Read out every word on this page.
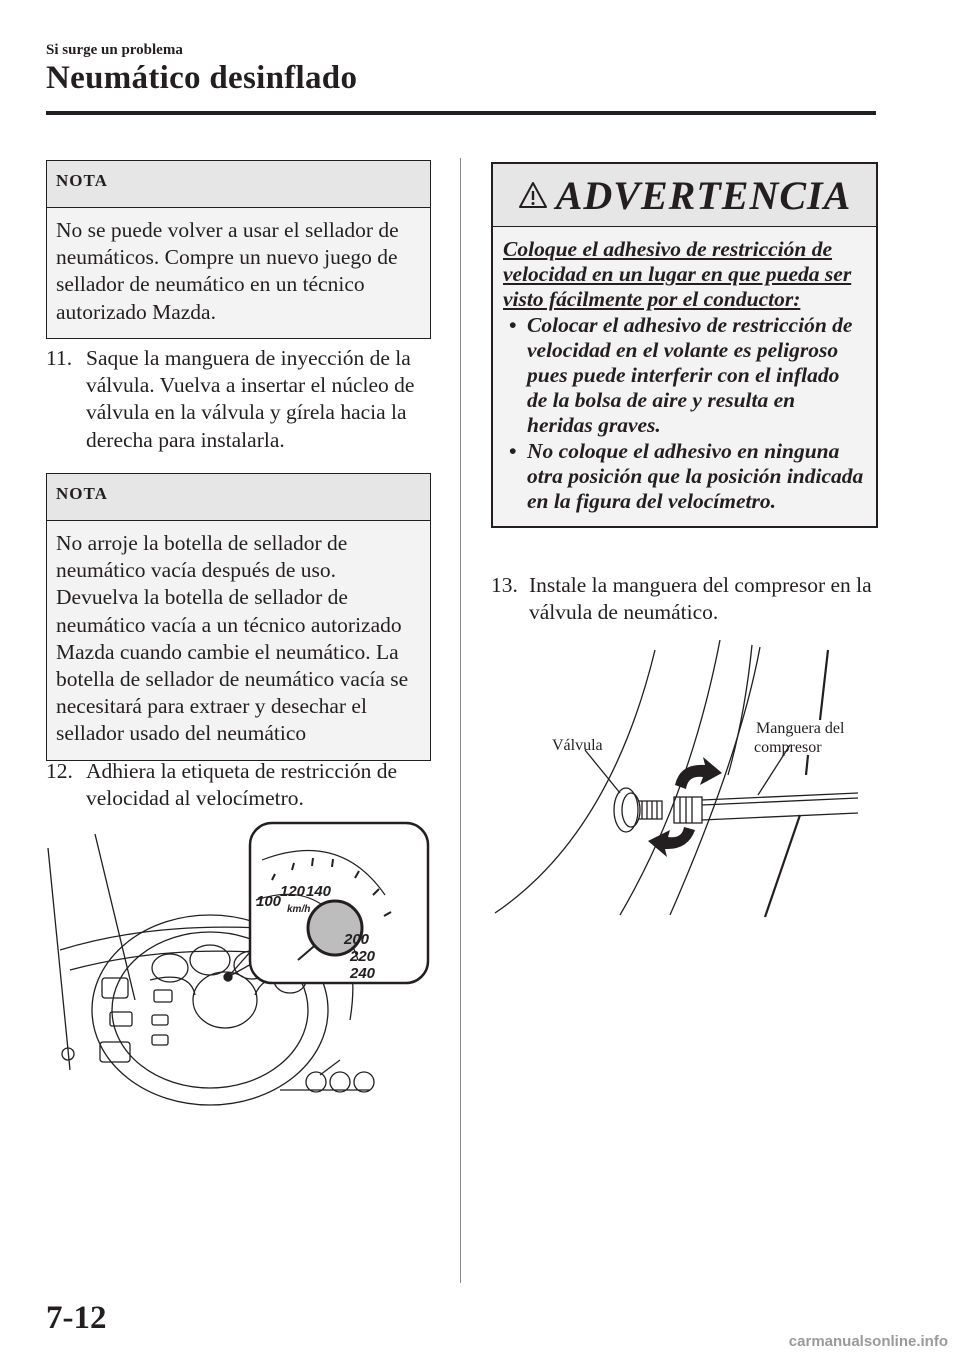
Si surge un problema
Neumático desinflado
NOTA
No se puede volver a usar el sellador de neumáticos. Compre un nuevo juego de sellador de neumático en un técnico autorizado Mazda.
11. Saque la manguera de inyección de la válvula. Vuelva a insertar el núcleo de válvula en la válvula y gírela hacia la derecha para instalarla.
NOTA
No arroje la botella de sellador de neumático vacía después de uso. Devuelva la botella de sellador de neumático vacía a un técnico autorizado Mazda cuando cambie el neumático. La botella de sellador de neumático vacía se necesitará para extraer y desechar el sellador usado del neumático
12. Adhiera la etiqueta de restricción de velocidad al velocímetro.
100
120 140
km/h
200
220
240
ADVERTENCIA
Coloque el adhesivo de restricción de velocidad en un lugar en que pueda ser visto fácilmente por el conductor:
• Colocar el adhesivo de restricción de velocidad en el volante es peligroso pues puede interferir con el inflado de la bolsa de aire y resulta en heridas graves.
• No coloque el adhesivo en ninguna otra posición que la posición indicada en la figura del velocímetro.
13. Instale la manguera del compresor en la válvula de neumático.
Válvula
Manguera del
compresor
7-12
carmanualsonline.info
